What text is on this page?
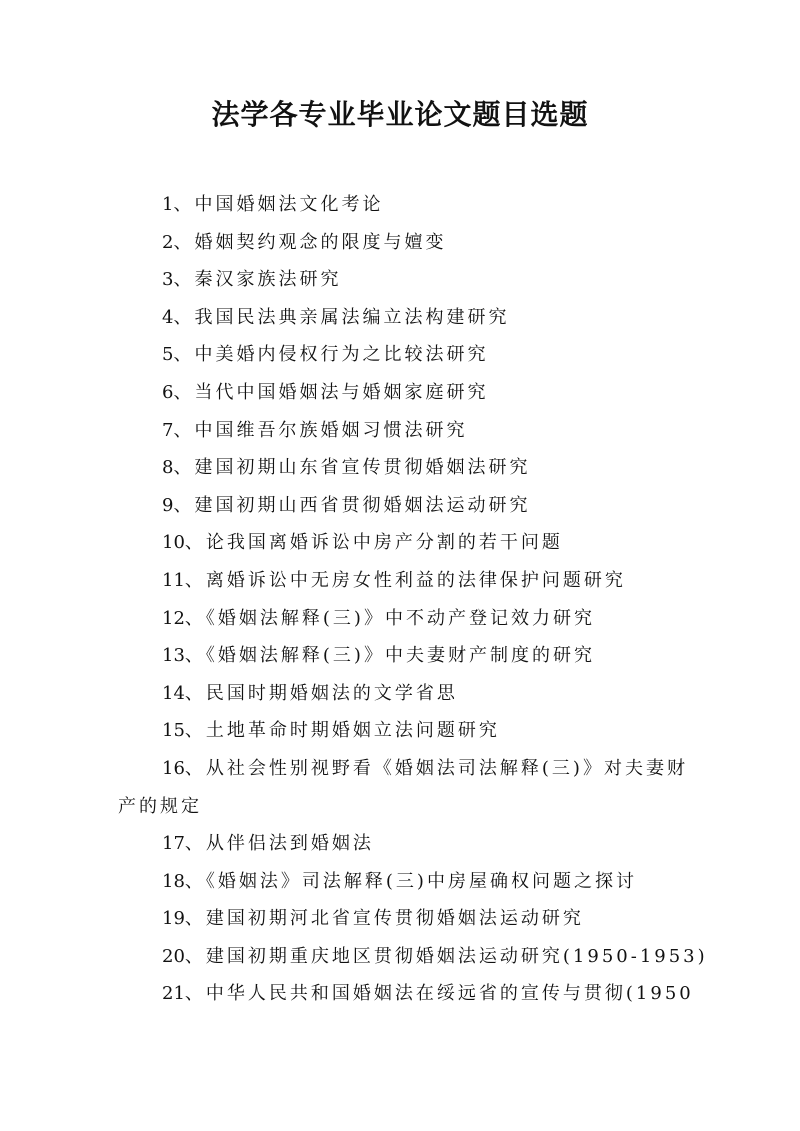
法学各专业毕业论文题目选题
1、中国婚姻法文化考论
2、婚姻契约观念的限度与嬗变
3、秦汉家族法研究
4、我国民法典亲属法编立法构建研究
5、中美婚内侵权行为之比较法研究
6、当代中国婚姻法与婚姻家庭研究
7、中国维吾尔族婚姻习惯法研究
8、建国初期山东省宣传贯彻婚姻法研究
9、建国初期山西省贯彻婚姻法运动研究
10、论我国离婚诉讼中房产分割的若干问题
11、离婚诉讼中无房女性利益的法律保护问题研究
12、《婚姻法解释(三)》中不动产登记效力研究
13、《婚姻法解释(三)》中夫妻财产制度的研究
14、民国时期婚姻法的文学省思
15、土地革命时期婚姻立法问题研究
16、从社会性别视野看《婚姻法司法解释(三)》对夫妻财产的规定
17、从伴侣法到婚姻法
18、《婚姻法》司法解释(三)中房屋确权问题之探讨
19、建国初期河北省宣传贯彻婚姻法运动研究
20、建国初期重庆地区贯彻婚姻法运动研究(1950-1953)
21、中华人民共和国婚姻法在绥远省的宣传与贯彻(1950
